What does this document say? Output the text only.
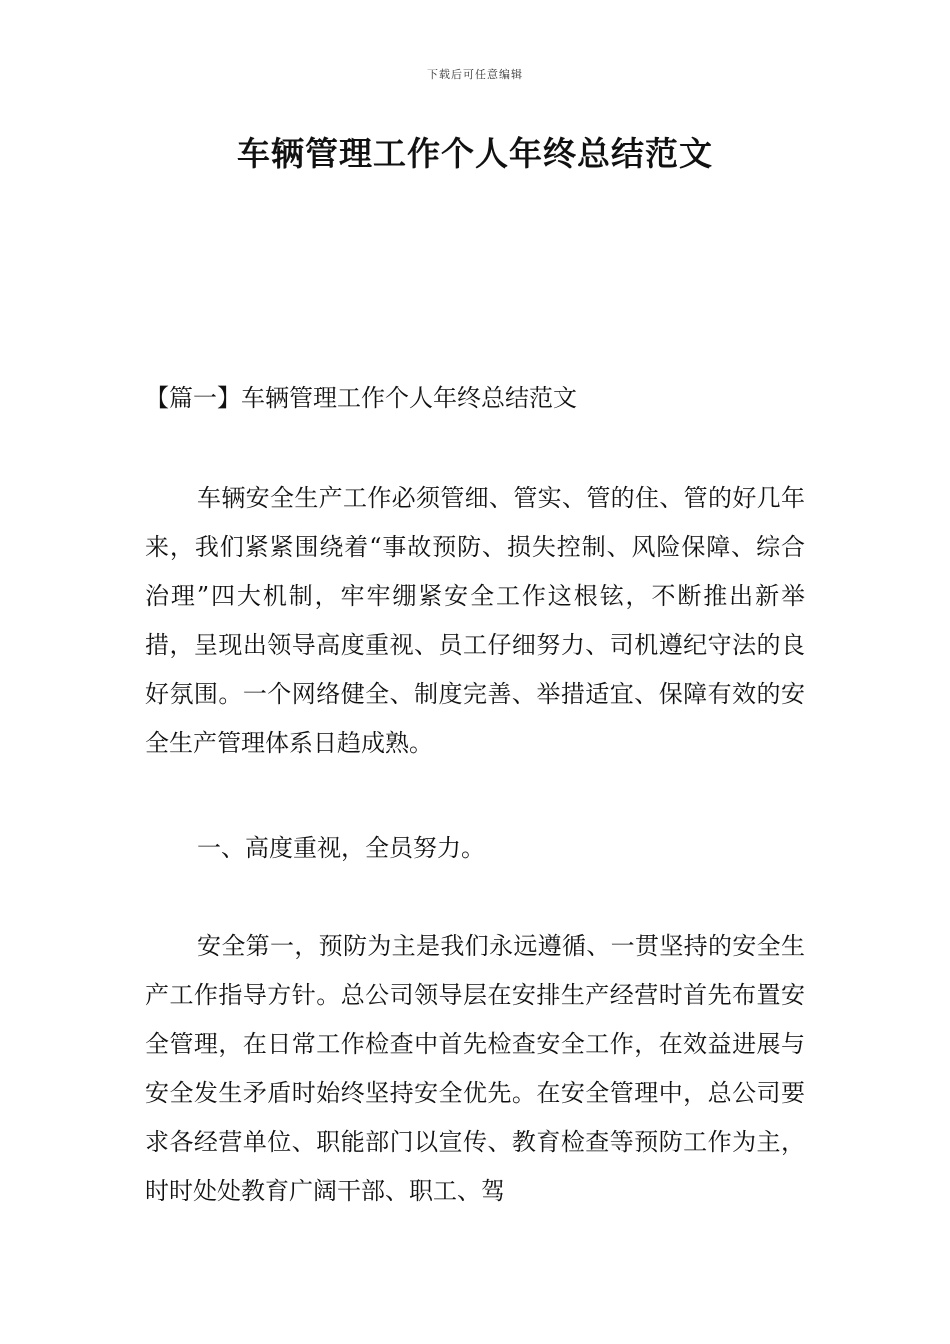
下载后可任意编辑
车辆管理工作个人年终总结范文
【篇一】车辆管理工作个人年终总结范文

车辆安全生产工作必须管细、管实、管的住、管的好几年来，我们紧紧围绕着“事故预防、损失控制、风险保障、综合治理”四大机制，牢牢绷紧安全工作这根铉，不断推出新举措，呈现出领导高度重视、员工仔细努力、司机遵纪守法的良好氛围。一个网络健全、制度完善、举措适宜、保障有效的安全生产管理体系日趋成熟。

一、高度重视，全员努力。

安全第一，预防为主是我们永远遵循、一贯坚持的安全生产工作指导方针。总公司领导层在安排生产经营时首先布置安全管理，在日常工作检查中首先检查安全工作，在效益进展与安全发生矛盾时始终坚持安全优先。在安全管理中，总公司要求各经营单位、职能部门以宣传、教育检查等预防工作为主，时时处处教育广阔干部、职工、驾
